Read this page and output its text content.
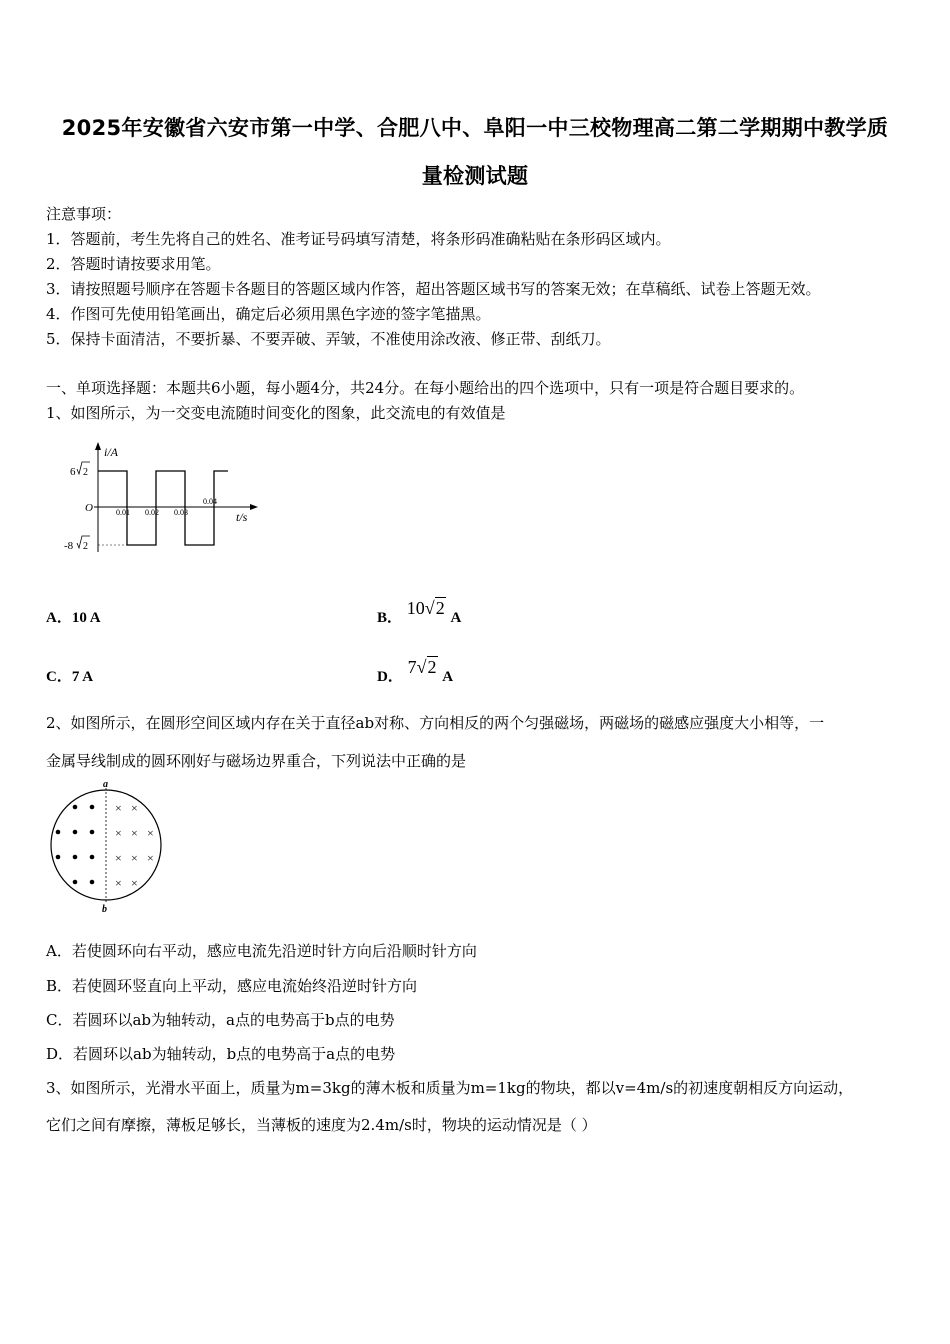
2025年安徽省六安市第一中学、合肥八中、阜阳一中三校物理高二第二学期期中教学质
量检测试题
注意事项：
1．答题前，考生先将自己的姓名、准考证号码填写清楚，将条形码准确粘贴在条形码区域内。
2．答题时请按要求用笔。
3．请按照题号顺序在答题卡各题目的答题区域内作答，超出答题区域书写的答案无效；在草稿纸、试卷上答题无效。
4．作图可先使用铅笔画出，确定后必须用黑色字迹的签字笔描黑。
5．保持卡面清洁，不要折暴、不要弄破、弄皱，不准使用涂改液、修正带、刮纸刀。
一、单项选择题：本题共6小题，每小题4分，共24分。在每小题给出的四个选项中，只有一项是符合题目要求的。
1、如图所示，为一交变电流随时间变化的图象，此交流电的有效值是
i/A
t/s
O
6 2
-8 2
0.01 0.02 0.03
0.04
A．10 A	B． 10√2 A
C．7 A	D． 7√2 A
2、如图所示，在圆形空间区域内存在关于直径ab对称、方向相反的两个匀强磁场，两磁场的磁感应强度大小相等，一
金属导线制成的圆环刚好与磁场边界重合，下列说法中正确的是
a
b
× ×
× × ×
× × ×
× ×
A．若使圆环向右平动，感应电流先沿逆时针方向后沿顺时针方向
B．若使圆环竖直向上平动，感应电流始终沿逆时针方向
C．若圆环以ab为轴转动，a点的电势高于b点的电势
D．若圆环以ab为轴转动，b点的电势高于a点的电势
3、如图所示，光滑水平面上，质量为m=3kg的薄木板和质量为m=1kg的物块，都以v=4m/s的初速度朝相反方向运动，
它们之间有摩擦，薄板足够长，当薄板的速度为2.4m/s时，物块的运动情况是（ ）
